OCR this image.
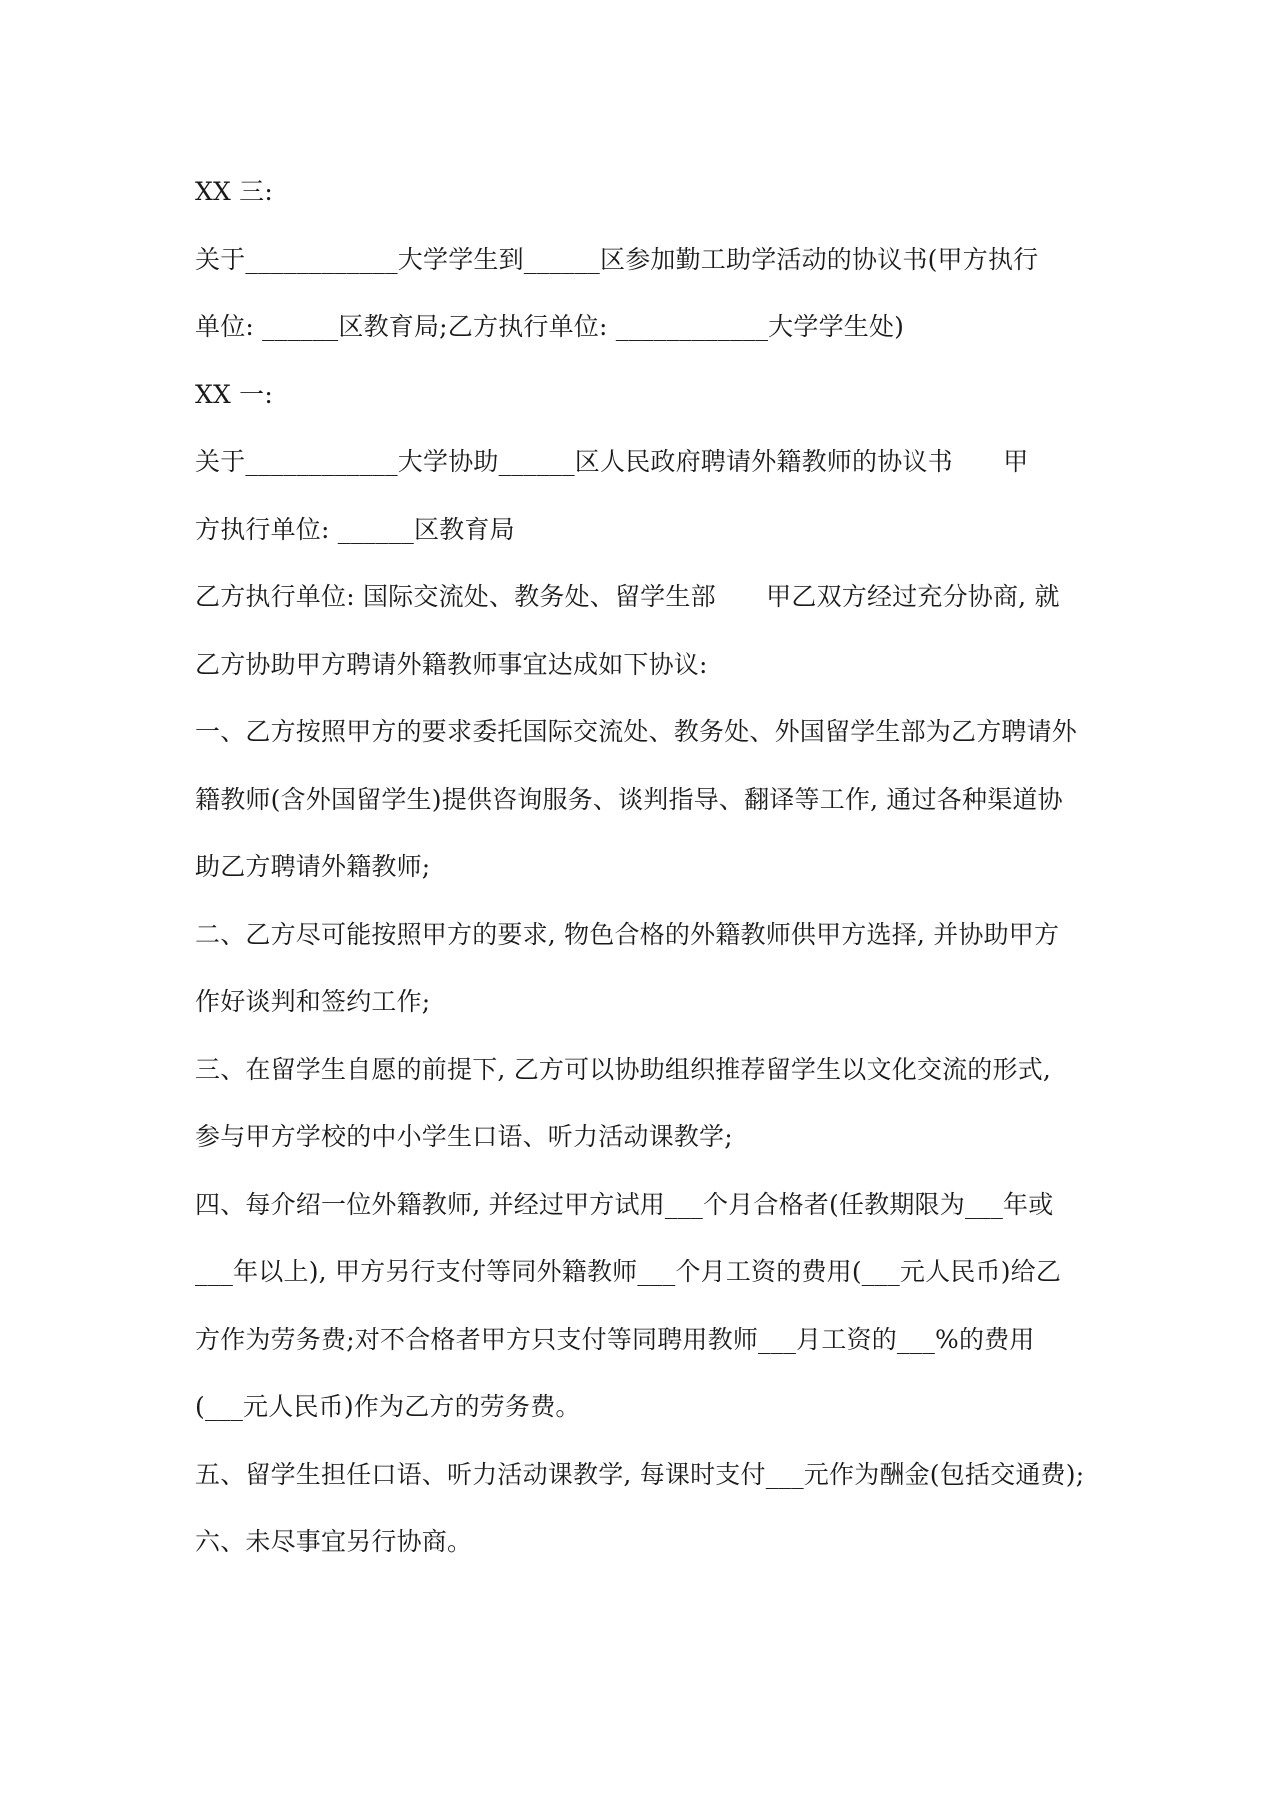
XX 三:
关于____________大学学生到______区参加勤工助学活动的协议书(甲方执行
单位: ______区教育局;乙方执行单位: ____________大学学生处)
XX 一:
关于____________大学协助______区人民政府聘请外籍教师的协议书　　甲
方执行单位: ______区教育局
乙方执行单位: 国际交流处、教务处、留学生部　　甲乙双方经过充分协商, 就
乙方协助甲方聘请外籍教师事宜达成如下协议:
一、乙方按照甲方的要求委托国际交流处、教务处、外国留学生部为乙方聘请外
籍教师(含外国留学生)提供咨询服务、谈判指导、翻译等工作, 通过各种渠道协
助乙方聘请外籍教师;
二、乙方尽可能按照甲方的要求, 物色合格的外籍教师供甲方选择, 并协助甲方
作好谈判和签约工作;
三、在留学生自愿的前提下, 乙方可以协助组织推荐留学生以文化交流的形式,
参与甲方学校的中小学生口语、听力活动课教学;
四、每介绍一位外籍教师, 并经过甲方试用___个月合格者(任教期限为___年或
___年以上), 甲方另行支付等同外籍教师___个月工资的费用(___元人民币)给乙
方作为劳务费;对不合格者甲方只支付等同聘用教师___月工资的___%的费用
(___元人民币)作为乙方的劳务费。
五、留学生担任口语、听力活动课教学, 每课时支付___元作为酬金(包括交通费);
六、未尽事宜另行协商。
